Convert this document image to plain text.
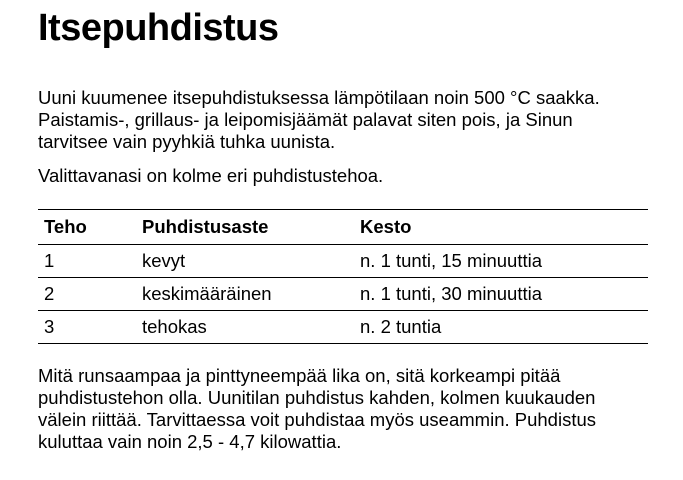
Itsepuhdistus

Uuni kuumenee itsepuhdistuksessa lämpötilaan noin 500 °C saakka. Paistamis-, grillaus- ja leipomisjäämät palavat siten pois, ja Sinun tarvitsee vain pyyhkiä tuhka uunista.

Valittavanasi on kolme eri puhdistustehoa.

Teho	Puhdistusaste	Kesto
1	kevyt	n. 1 tunti, 15 minuuttia
2	keskimääräinen	n. 1 tunti, 30 minuuttia
3	tehokas	n. 2 tuntia

Mitä runsaampaa ja pinttyneempää lika on, sitä korkeampi pitää puhdistustehon olla. Uunitilan puhdistus kahden, kolmen kuukauden välein riittää. Tarvittaessa voit puhdistaa myös useammin. Puhdistus kuluttaa vain noin 2,5 - 4,7 kilowattia.
